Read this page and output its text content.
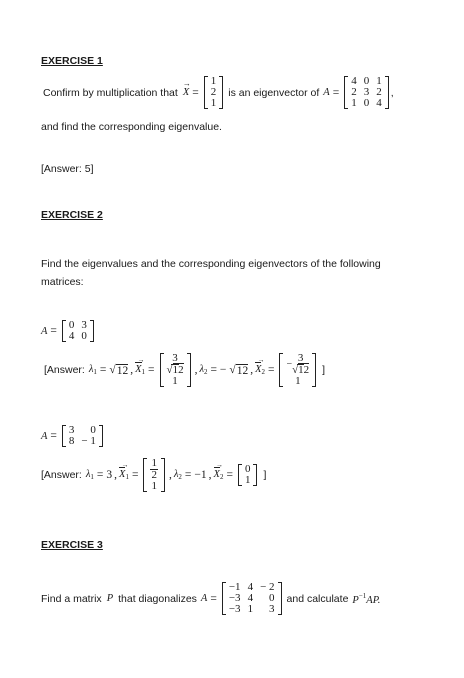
EXERCISE 1
Confirm by multiplication that
→ X =
1
2
1
is an eigenvector of A =
4
2
1
0
3
0
1
2
4
,
and find the corresponding eigenvalue.
[Answer: 5]
EXERCISE 2
Find the eigenvalues and the corresponding eigenvectors of the following
matrices:
A = 0
4
3
0
[Answer: $\lambda_1$ = √ 12 , $X \to_1 = \frac{3}{√12}$
1
, $\lambda_2$ = − √ 12 , $X \to_2$ = − $\frac{3}{√12}$
1
]
A = 3
8
0
− 1
[Answer: $\lambda_1 = 3$ , $X \to_1 = \frac{1}{2}$
1
, $\lambda_2 = -1$ , $X \to_2 = 0$
1 ]
EXERCISE 3
Find a matrix P that diagonalizes A =
−1
−3
−3
4
4
1
− 2
0
3
and calculate $P^{-1}AP$.
